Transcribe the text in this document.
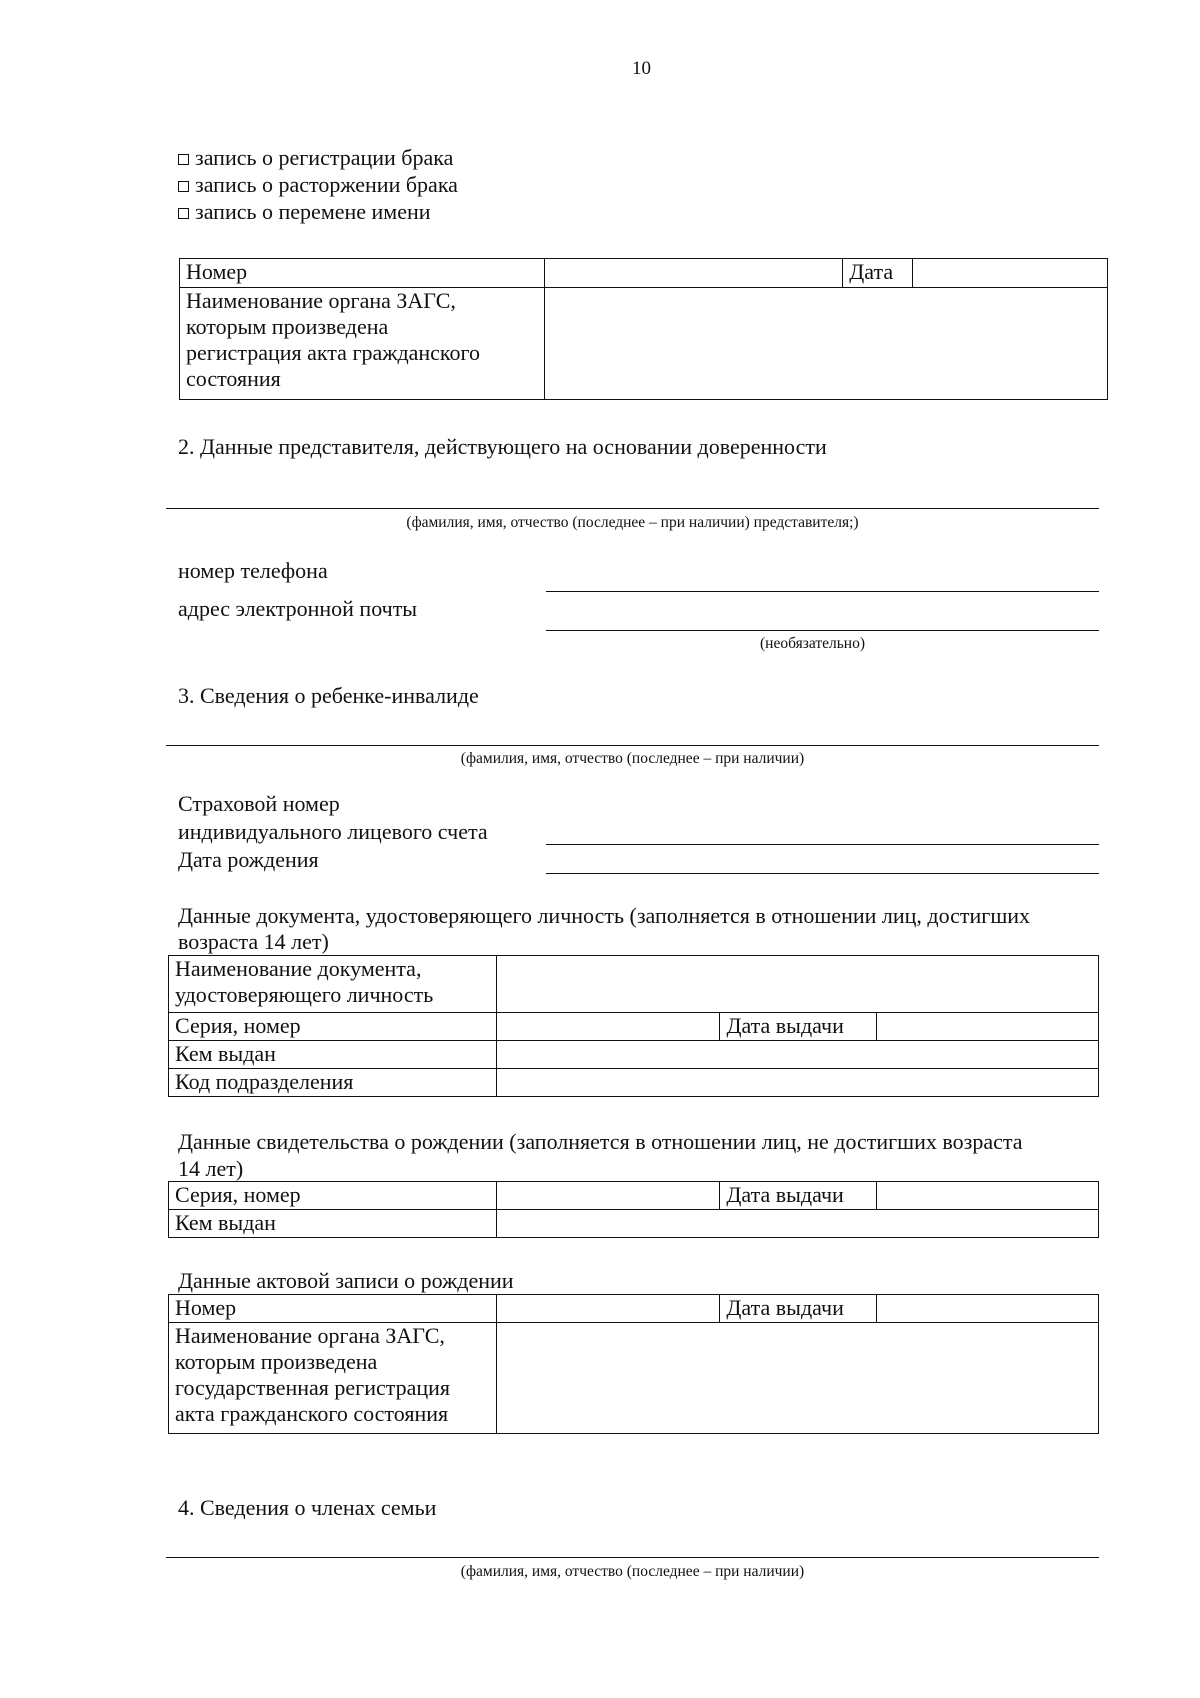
10
запись о регистрации брака
запись о расторжении брака
запись о перемене имени
Номер		Дата	

Наименование органа ЗАГС,
которым произведена
регистрация акта гражданского
состояния			

2. Данные представителя, действующего на основании доверенности
(фамилия, имя, отчество (последнее – при наличии) представителя;)
номер телефона
адрес электронной почты
(необязательно)
3. Сведения о ребенке-инвалиде
(фамилия, имя, отчество (последнее – при наличии)
Страховой номер
индивидуального лицевого счета
Дата рождения
Данные документа, удостоверяющего личность (заполняется в отношении лиц, достигших
возраста 14 лет)
Наименование документа,
удостоверяющего личность			

Серия, номер		Дата выдачи	
Кем выдан			
Код подразделения			
Данные свидетельства о рождении (заполняется в отношении лиц, не достигших возраста
14 лет)
Серия, номер		Дата выдачи	
Кем выдан			
Данные актовой записи о рождении
Номер		Дата выдачи	

Наименование органа ЗАГС,
которым произведена
государственная регистрация
акта гражданского состояния			

4. Сведения о членах семьи
(фамилия, имя, отчество (последнее – при наличии)
